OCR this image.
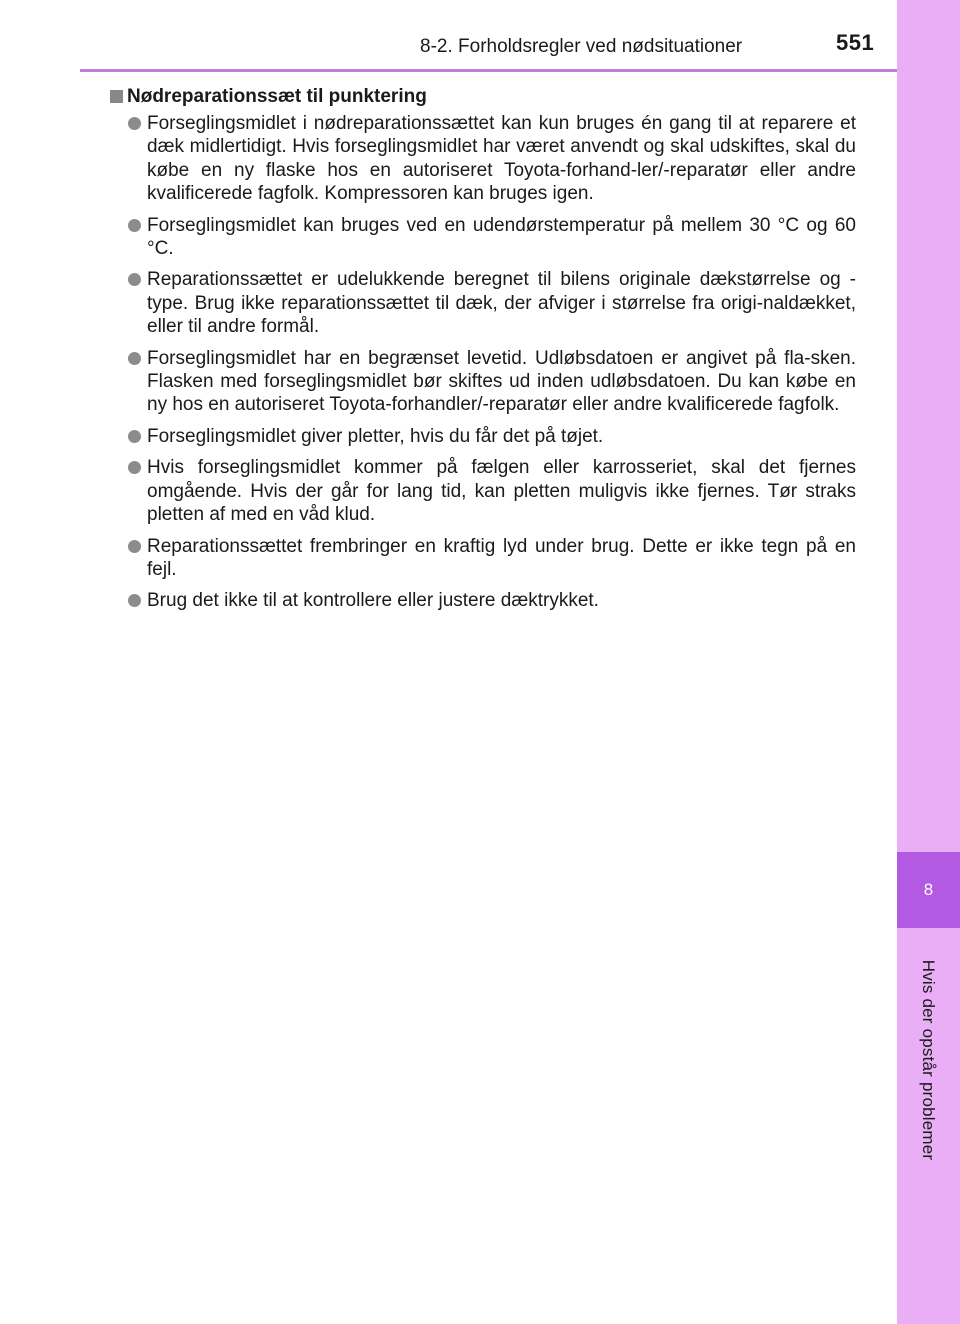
8
Hvis der opstår problemer
8-2. Forholdsregler ved nødsituationer	551
Nødreparationssæt til punktering
Forseglingsmidlet i nødreparationssættet kan kun bruges én gang til at reparere et dæk midlertidigt. Hvis forseglingsmidlet har været anvendt og skal udskiftes, skal du købe en ny flaske hos en autoriseret Toyota-forhand-ler/-reparatør eller andre kvalificerede fagfolk. Kompressoren kan bruges igen.
Forseglingsmidlet kan bruges ved en udendørstemperatur på mellem 30 °C og 60 °C.
Reparationssættet er udelukkende beregnet til bilens originale dækstørrelse og -type. Brug ikke reparationssættet til dæk, der afviger i størrelse fra origi-naldækket, eller til andre formål.
Forseglingsmidlet har en begrænset levetid. Udløbsdatoen er angivet på fla-sken. Flasken med forseglingsmidlet bør skiftes ud inden udløbsdatoen. Du kan købe en ny hos en autoriseret Toyota-forhandler/-reparatør eller andre kvalificerede fagfolk.
Forseglingsmidlet giver pletter, hvis du får det på tøjet.
Hvis forseglingsmidlet kommer på fælgen eller karrosseriet, skal det fjernes omgående. Hvis der går for lang tid, kan pletten muligvis ikke fjernes. Tør straks pletten af med en våd klud.
Reparationssættet frembringer en kraftig lyd under brug. Dette er ikke tegn på en fejl.
Brug det ikke til at kontrollere eller justere dæktrykket.
